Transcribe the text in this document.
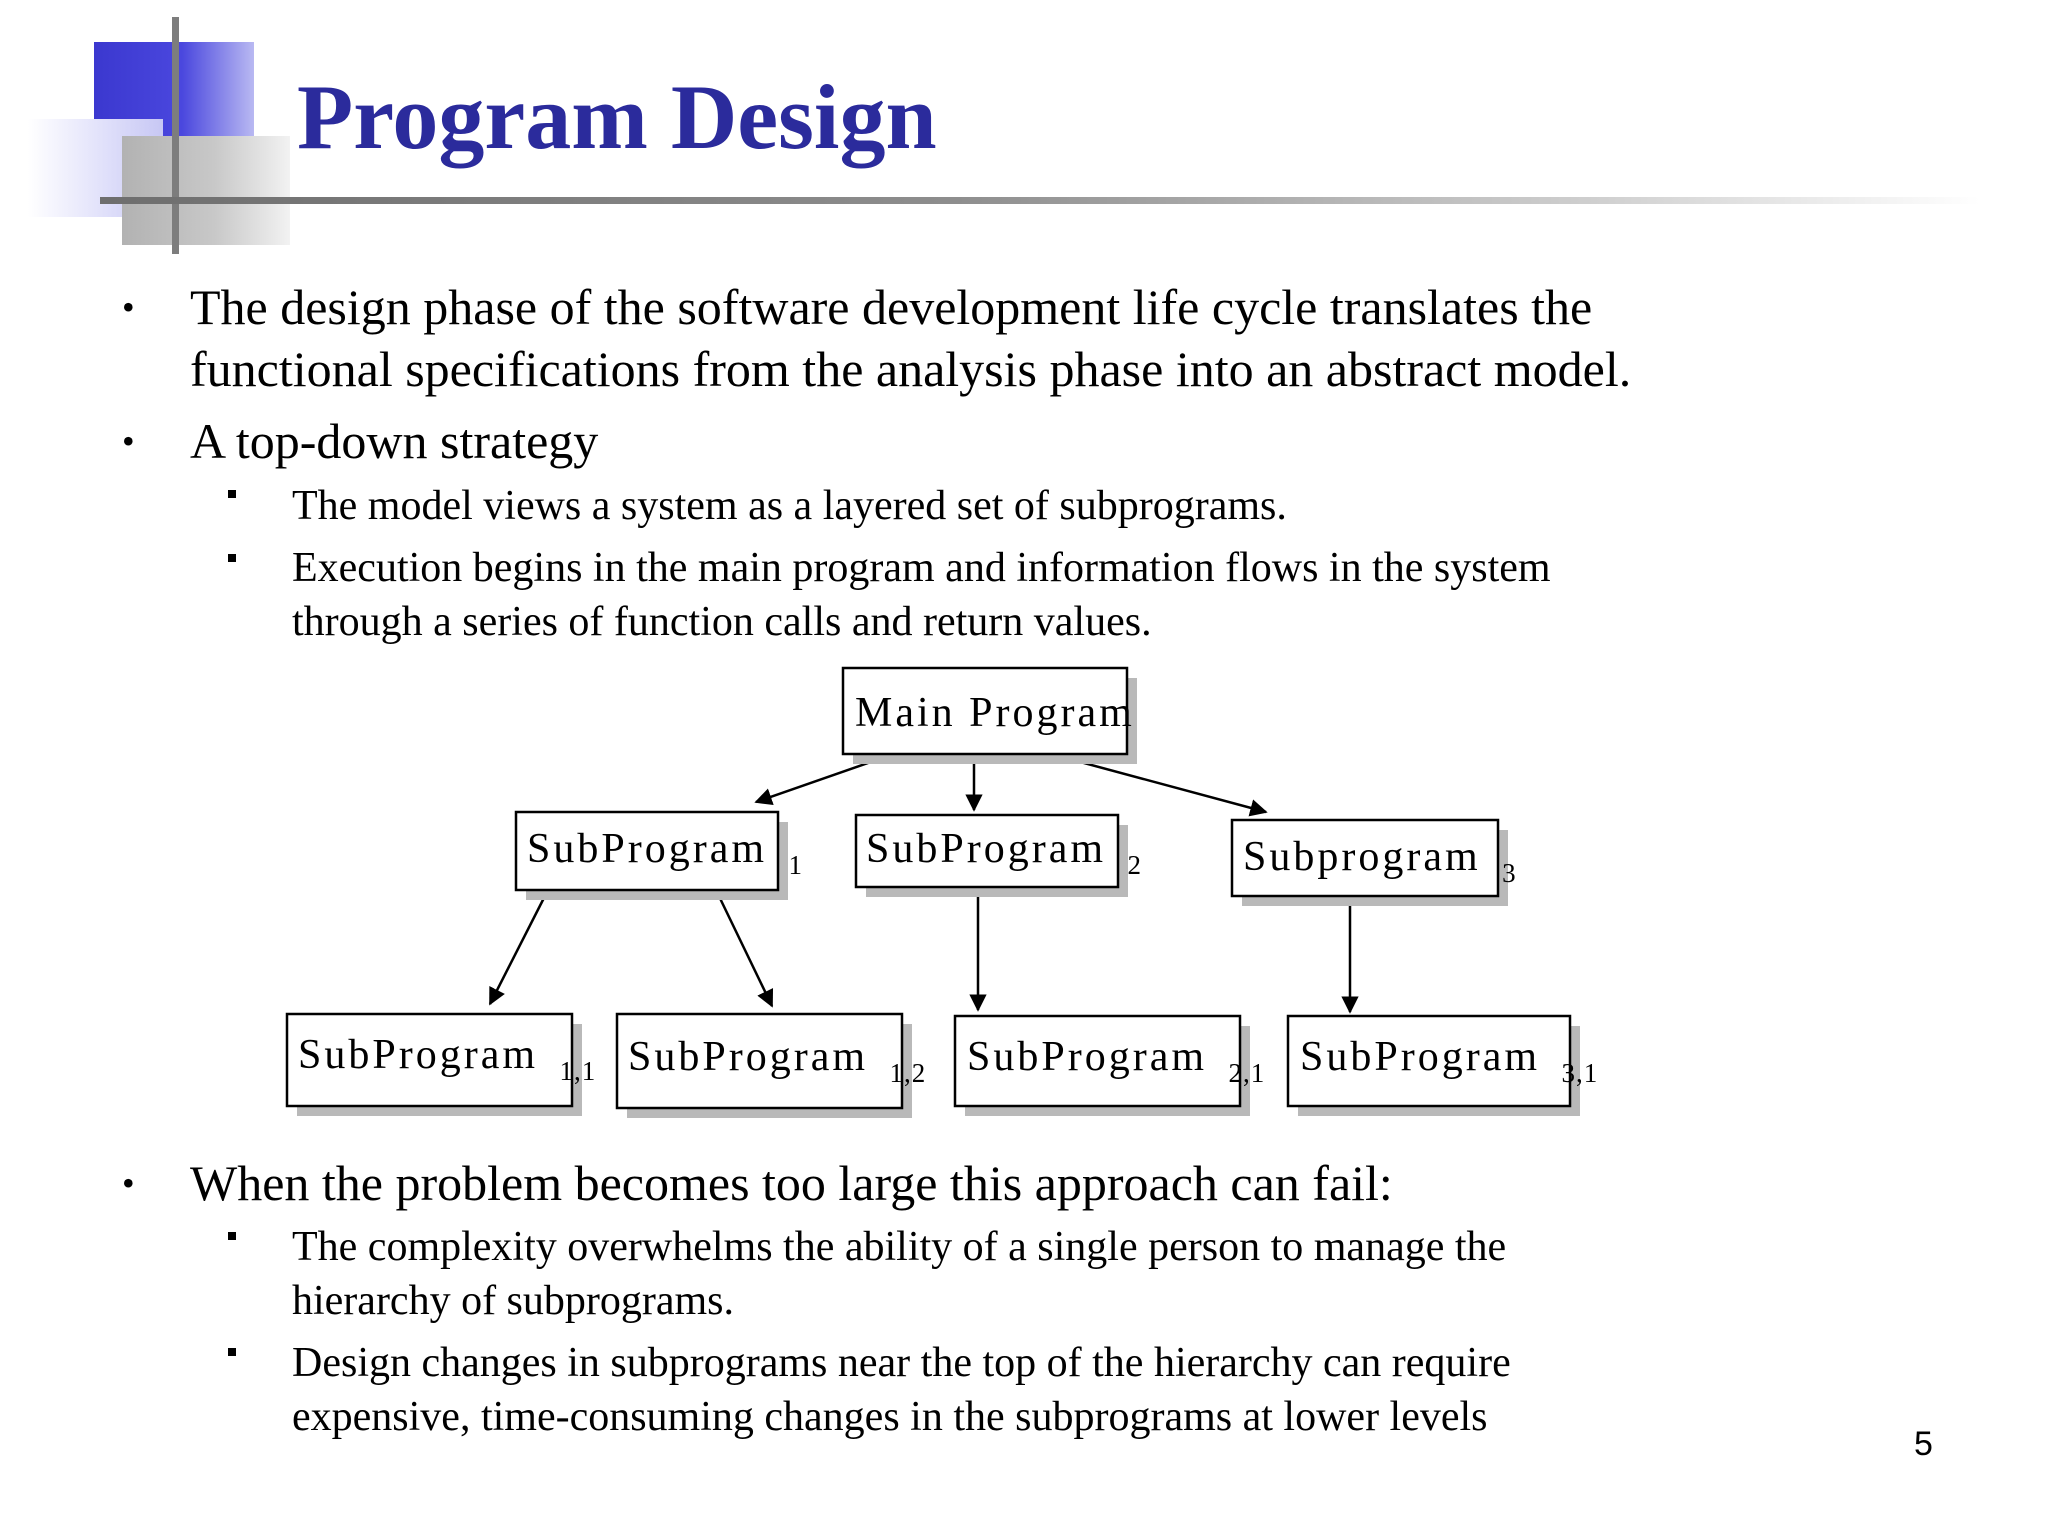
Program Design
• The design phase of the software development life cycle translates the
functional specifications from the analysis phase into an abstract model.
• A top-down strategy
The model views a system as a layered set of subprograms.
Execution begins in the main program and information flows in the system
through a series of function calls and return values.
Main Program
SubProgram $_1$ SubProgram $_2$ Subprogram $_3$
SubProgram $_{1,1}$ SubProgram $_{1,2}$ SubProgram $_{2,1}$ SubProgram $_{3,1}$
• When the problem becomes too large this approach can fail:
The complexity overwhelms the ability of a single person to manage the
hierarchy of subprograms.
Design changes in subprograms near the top of the hierarchy can require
expensive, time-consuming changes in the subprograms at lower levels
5
